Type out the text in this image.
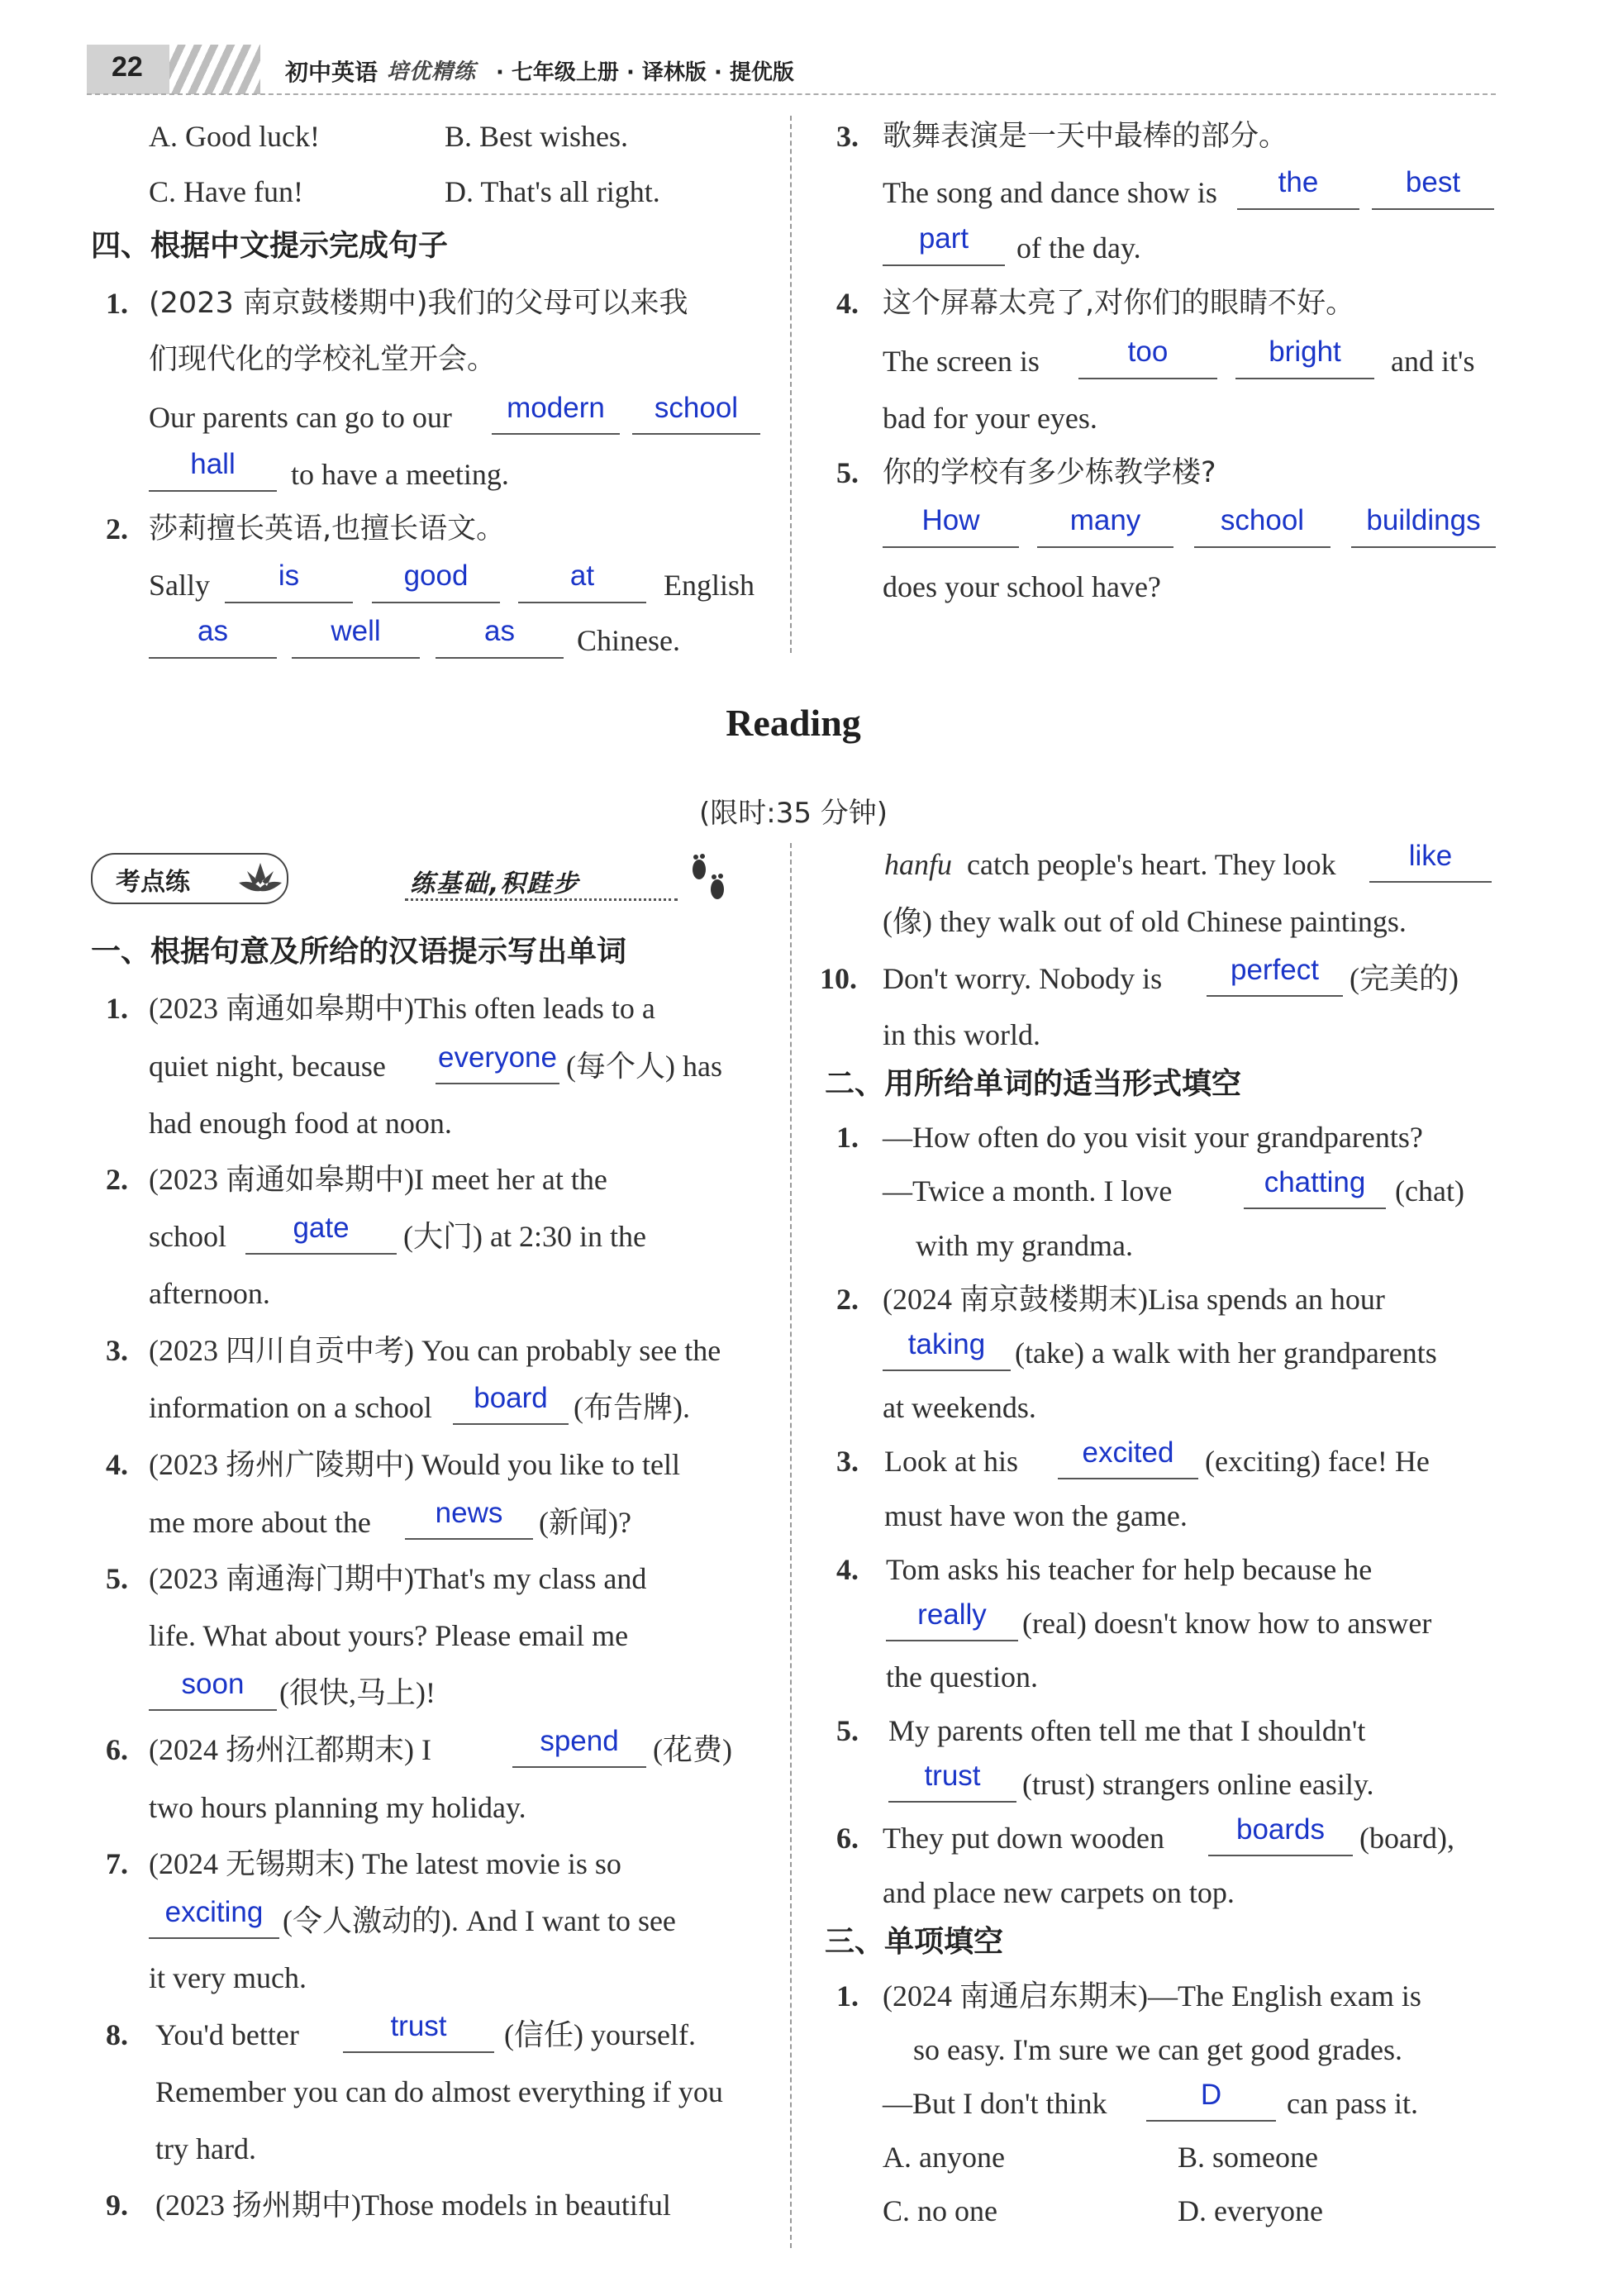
22	初中英语 培优精练 · 七年级上册 · 译林版 · 提优版
A. Good luck!	B. Best wishes.
C. Have fun!	D. That's all right.
四、根据中文提示完成句子
1. (2023 南京鼓楼期中)我们的父母可以来我
们现代化的学校礼堂开会。
Our parents can go to our	modern	school
hall	to have a meeting.
2. 莎莉擅长英语,也擅长语文。
Sally	is	good	at	English
as	well	as	Chinese.
3. 歌舞表演是一天中最棒的部分。
The song and dance show is	the	best
part	of the day.
4. 这个屏幕太亮了,对你们的眼睛不好。
The screen is	too	bright	and it's
bad for your eyes.
5. 你的学校有多少栋教学楼?
How	many	school	buildings
does your school have?
Reading
(限时:35 分钟)
考点练	练基础,积跬步
一、根据句意及所给的汉语提示写出单词
1. (2023 南通如皋期中)This often leads to a
quiet night, because everyone (每个人) has
had enough food at noon.
2. (2023 南通如皋期中)I meet her at the
school	gate	(大门) at 2:30 in the
afternoon.
3. (2023 四川自贡中考) You can probably see the
information on a school	board (布告牌).
4. (2023 扬州广陵期中) Would you like to tell
me more about the	news	(新闻)?
5. (2023 南通海门期中)That's my class and
life. What about yours? Please email me
soon	(很快,马上)!
6. (2024 扬州江都期末) I	spend	(花费)
two hours planning my holiday.
7. (2024 无锡期末) The latest movie is so
exciting (令人激动的). And I want to see
it very much.
8. You'd better	trust	(信任) yourself.
Remember you can do almost everything if you
try hard.
9. (2023 扬州期中)Those models in beautiful
hanfu catch people's heart. They look	like
(像) they walk out of old Chinese paintings.
10. Don't worry. Nobody is	perfect	(完美的)
in this world.
二、用所给单词的适当形式填空
1. —How often do you visit your grandparents?
—Twice a month. I love	chatting (chat)
with my grandma.
2. (2024 南京鼓楼期末)Lisa spends an hour
taking (take) a walk with her grandparents
at weekends.
3. Look at his	excited	(exciting) face! He
must have won the game.
4. Tom asks his teacher for help because he
really	(real) doesn't know how to answer
the question.
5. My parents often tell me that I shouldn't
trust	(trust) strangers online easily.
6. They put down wooden	boards	(board),
and place new carpets on top.
三、单项填空
1. (2024 南通启东期末)—The English exam is
so easy. I'm sure we can get good grades.
—But I don't think	D	can pass it.
A. anyone	B. someone
C. no one	D. everyone
